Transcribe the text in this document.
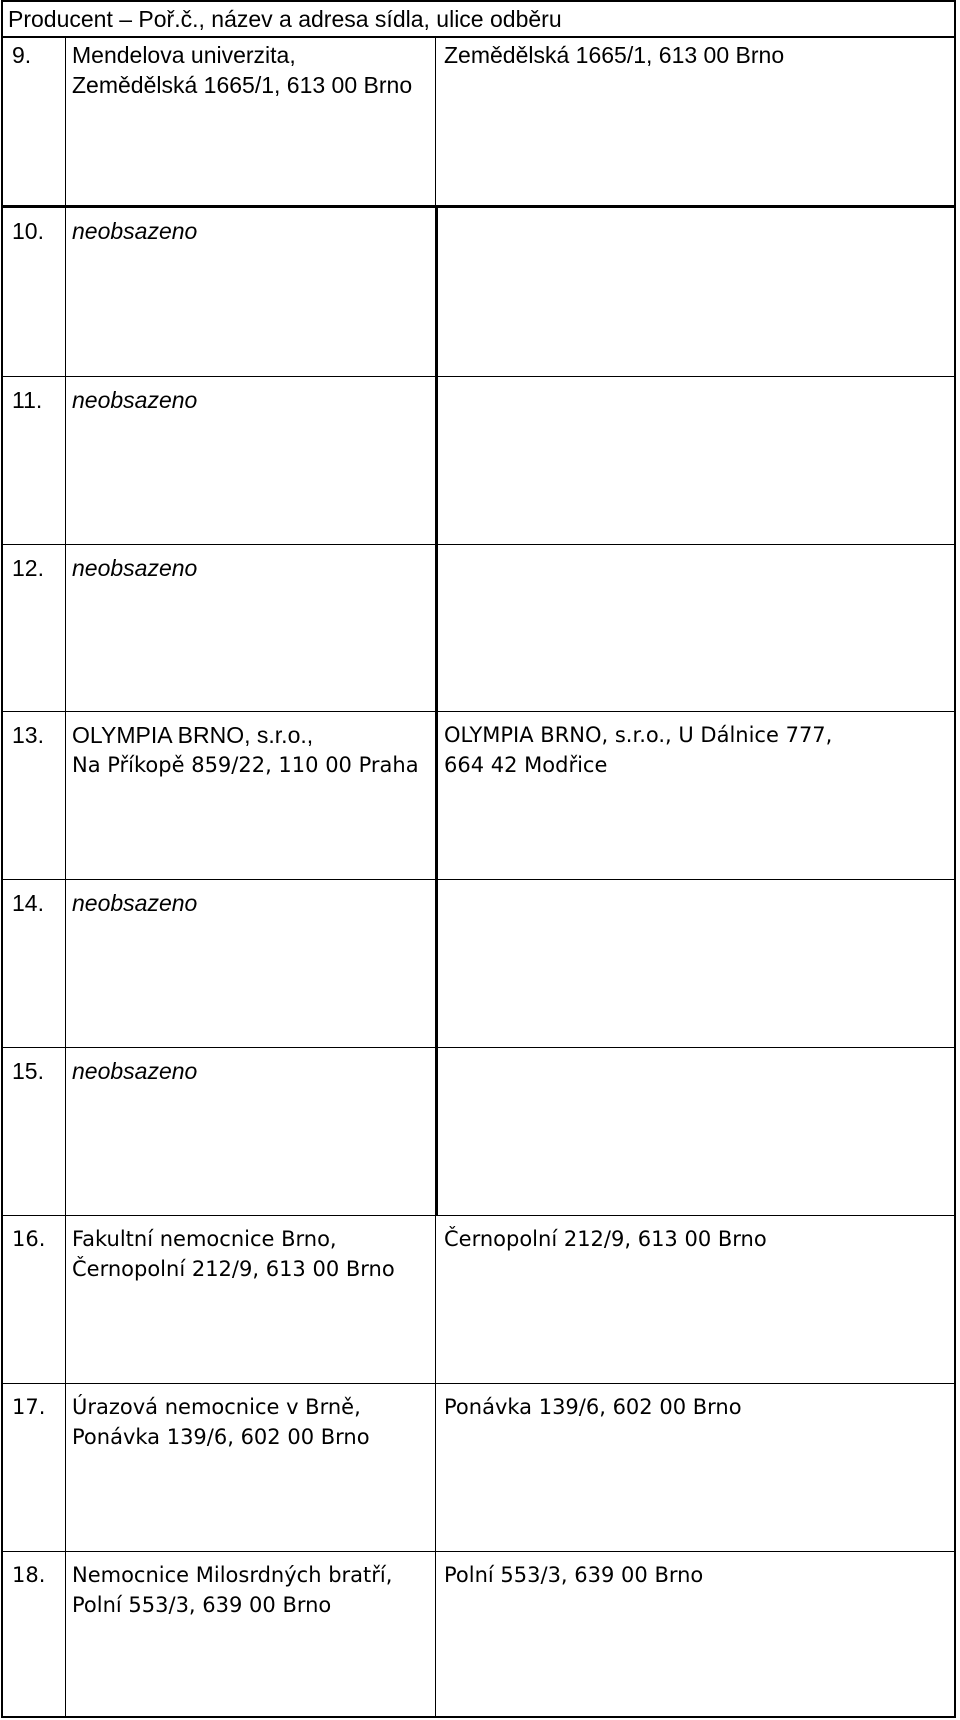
Producent – Poř.č., název a adresa sídla, ulice odběru
9. Mendelova univerzita,
Zemědělská 1665/1, 613 00 Brno
Zemědělská 1665/1, 613 00 Brno
10. neobsazeno
11. neobsazeno
12. neobsazeno
13. OLYMPIA BRNO, s.r.o.,
Na Příkopě 859/22, 110 00 Praha
OLYMPIA BRNO, s.r.o., U Dálnice 777,
664 42 Modřice
14. neobsazeno
15. neobsazeno
16. Fakultní nemocnice Brno,
Černopolní 212/9, 613 00 Brno
Černopolní 212/9, 613 00 Brno
17. Úrazová nemocnice v Brně,
Ponávka 139/6, 602 00 Brno
Ponávka 139/6, 602 00 Brno
18. Nemocnice Milosrdných bratří,
Polní 553/3, 639 00 Brno
Polní 553/3, 639 00 Brno
